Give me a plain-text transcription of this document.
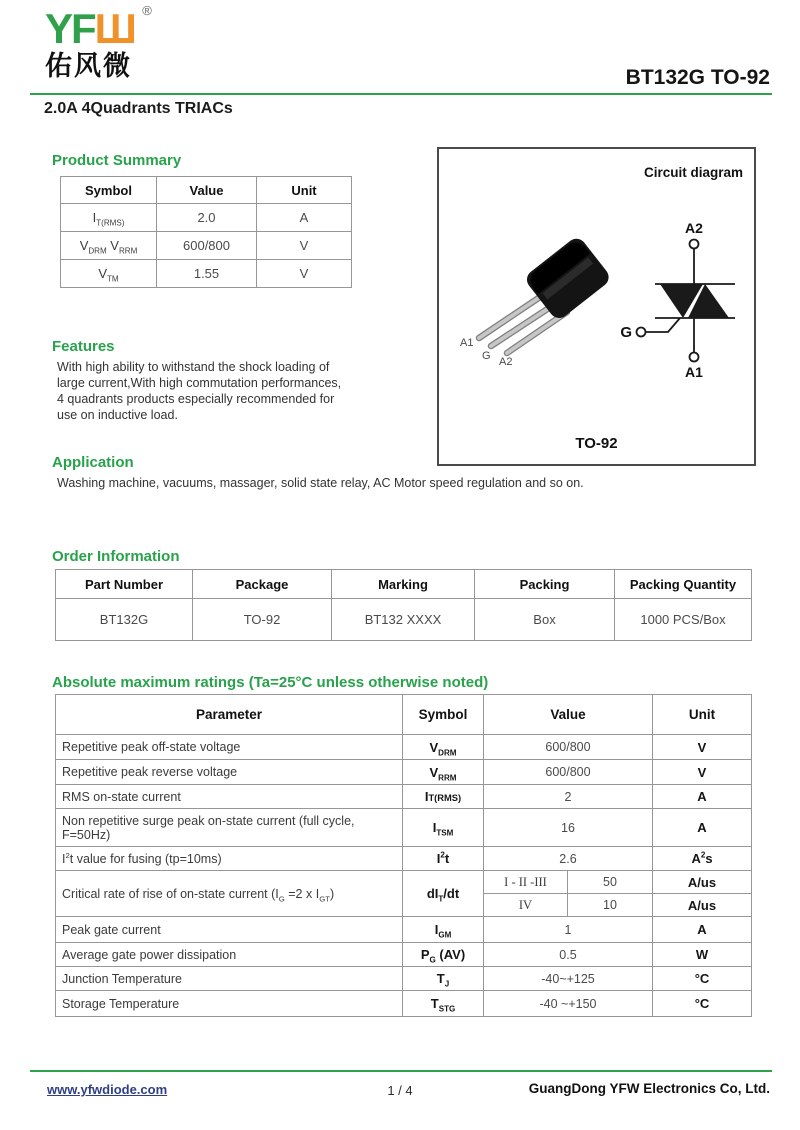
YFШ ®
佑风微	BT132G TO-92
2.0A 4Quadrants TRIACs
Product Summary
Symbol	Value	Unit
$I_{T(RMS)}$	2.0	A
$V_{DRM}$ $V_{RRM}$	600/800	V
$V_{TM}$	1.55	V
Features
With high ability to withstand the shock loading of
large current,With high commutation performances,
4 quadrants products especially recommended for
use on inductive load.
Application
Washing machine, vacuums, massager, solid state relay, AC Motor speed regulation and so on.
Circuit diagram
A1
G A2
A2
A1
G
TO-92
Order Information
Part Number	Package	Marking	Packing	Packing Quantity
BT132G	TO-92	BT132 XXXX	Box	1000 PCS/Box
Absolute maximum ratings (Ta=25°C unless otherwise noted)
Parameter	Symbol	Value		Unit
Repetitive peak off-state voltage	$V_{DRM}$	600/800		V
Repetitive peak reverse voltage	$V_{RRM}$	600/800		V
RMS on-state current	IT(RMS)	2		A
Non repetitive surge peak on-state current (full cycle, F=50Hz)	$I_{TSM}$	16		A
$I^2t$ value for fusing (tp=10ms)	$I^2t$	2.6		$A^2s$
Critical rate of rise of on-state current ($I_G =2$ x $I_{GT}$)	$dI_T/dt$	I - II -III	50	A/us
		IV	10	A/us
Peak gate current	$I_{GM}$	1		A
Average gate power dissipation	$P_G$ (AV)	0.5		W
Junction Temperature	$T_J$	-40~+125		°C
Storage Temperature	$T_{STG}$	-40 ~+150		°C
www.yfwdiode.com	1 / 4	GuangDong YFW Electronics Co, Ltd.
